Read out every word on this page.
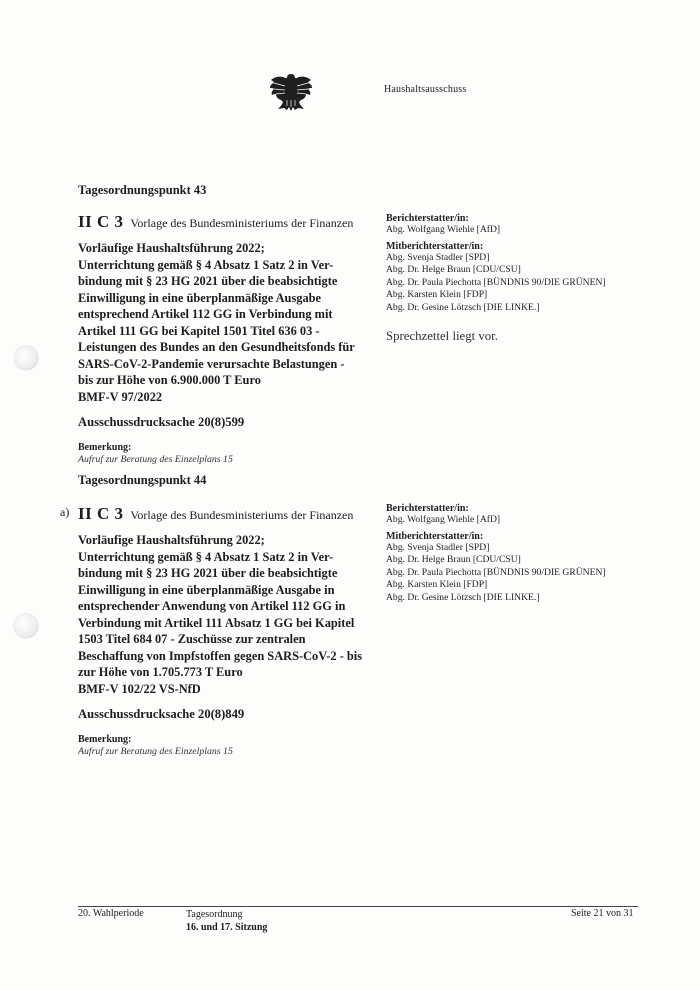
Haushaltsausschuss
Tagesordnungspunkt 43
II C 3 Vorlage des Bundesministeriums der Finanzen
Vorläufige Haushaltsführung 2022;
Unterrichtung gemäß § 4 Absatz 1 Satz 2 in Ver-
bindung mit § 23 HG 2021 über die beabsichtigte
Einwilligung in eine überplanmäßige Ausgabe
entsprechend Artikel 112 GG in Verbindung mit
Artikel 111 GG bei Kapitel 1501 Titel 636 03 -
Leistungen des Bundes an den Gesundheitsfonds für
SARS-CoV-2-Pandemie verursachte Belastungen -
bis zur Höhe von 6.900.000 T Euro
BMF-V 97/2022
Ausschussdrucksache 20(8)599
Bemerkung:
Aufruf zur Beratung des Einzelplans 15
Berichterstatter/in:
Abg. Wolfgang Wiehle [AfD]
Mitberichterstatter/in:
Abg. Svenja Stadler [SPD]
Abg. Dr. Helge Braun [CDU/CSU]
Abg. Dr. Paula Piechotta [BÜNDNIS 90/DIE GRÜNEN]
Abg. Karsten Klein [FDP]
Abg. Dr. Gesine Lötzsch [DIE LINKE.]
Sprechzettel liegt vor.
Tagesordnungspunkt 44
a) II C 3 Vorlage des Bundesministeriums der Finanzen
Vorläufige Haushaltsführung 2022;
Unterrichtung gemäß § 4 Absatz 1 Satz 2 in Ver-
bindung mit § 23 HG 2021 über die beabsichtigte
Einwilligung in eine überplanmäßige Ausgabe in
entsprechender Anwendung von Artikel 112 GG in
Verbindung mit Artikel 111 Absatz 1 GG bei Kapitel
1503 Titel 684 07 - Zuschüsse zur zentralen
Beschaffung von Impfstoffen gegen SARS-CoV-2 - bis
zur Höhe von 1.705.773 T Euro
BMF-V 102/22 VS-NfD
Ausschussdrucksache 20(8)849
Bemerkung:
Aufruf zur Beratung des Einzelplans 15
Berichterstatter/in:
Abg. Wolfgang Wiehle [AfD]
Mitberichterstatter/in:
Abg. Svenja Stadler [SPD]
Abg. Dr. Helge Braun [CDU/CSU]
Abg. Dr. Paula Piechotta [BÜNDNIS 90/DIE GRÜNEN]
Abg. Karsten Klein [FDP]
Abg. Dr. Gesine Lötzsch [DIE LINKE.]
20. Wahlperiode	Tagesordnung
16. und 17. Sitzung
Seite 21 von 31
